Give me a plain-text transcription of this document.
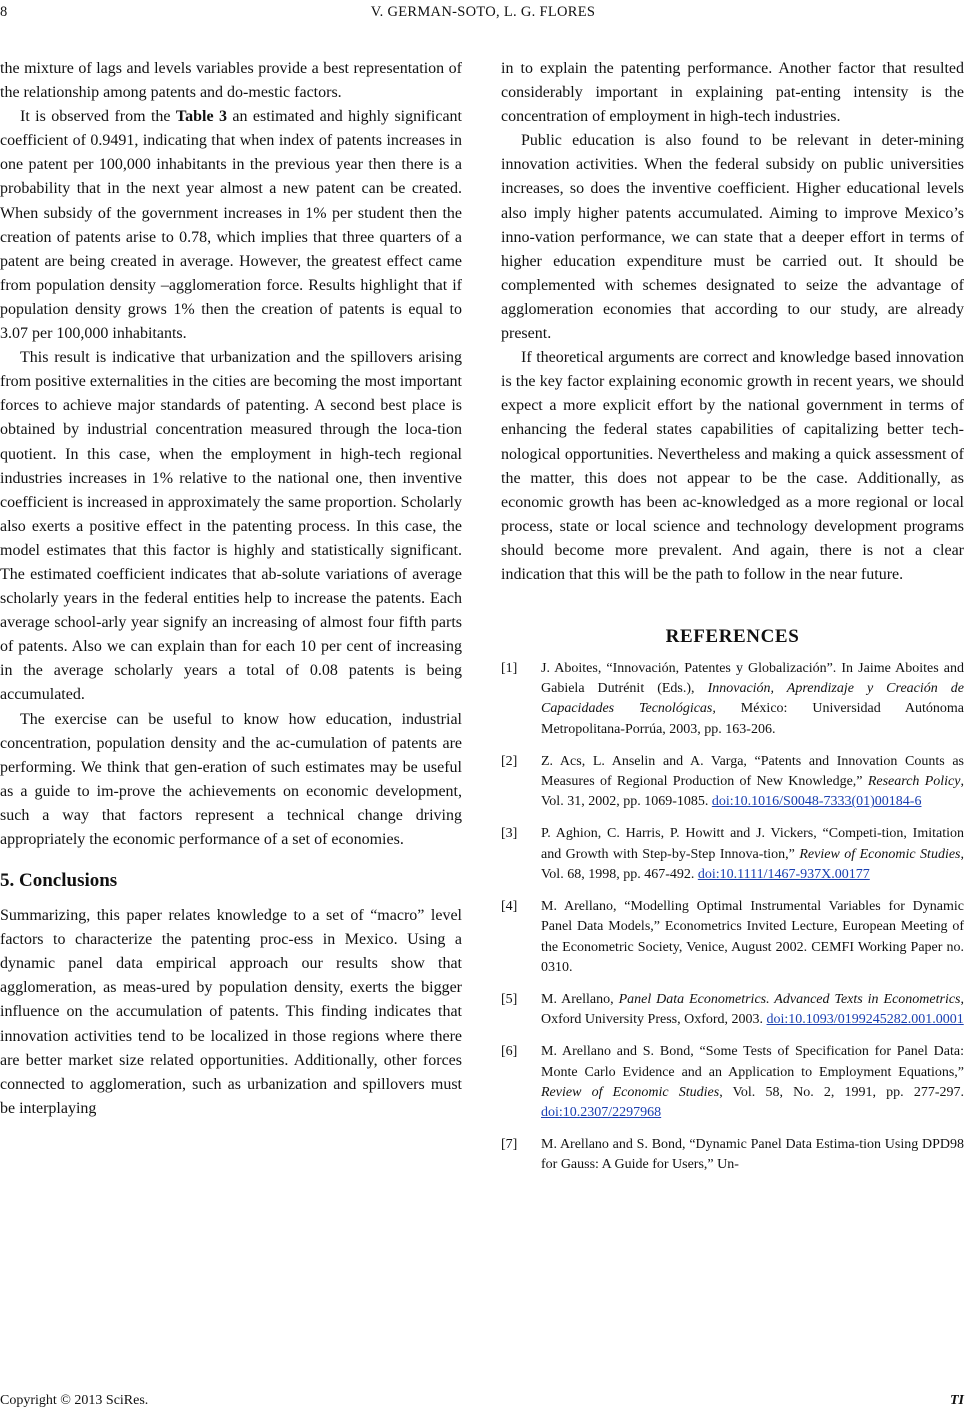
8	V. GERMAN-SOTO, L. G. FLORES

the mixture of lags and levels variables provide a best representation of the relationship among patents and do-mestic factors.

It is observed from the Table 3 an estimated and highly significant coefficient of 0.9491, indicating that when index of patents increases in one patent per 100,000 inhabitants in the previous year then there is a probability that in the next year almost a new patent can be created. When subsidy of the government increases in 1% per student then the creation of patents arise to 0.78, which implies that three quarters of a patent are being created in average. However, the greatest effect came from population density –agglomeration force. Results highlight that if population density grows 1% then the creation of patents is equal to 3.07 per 100,000 inhabitants.

This result is indicative that urbanization and the spillovers arising from positive externalities in the cities are becoming the most important forces to achieve major standards of patenting. A second best place is obtained by industrial concentration measured through the loca-tion quotient. In this case, when the employment in high-tech regional industries increases in 1% relative to the national one, then inventive coefficient is increased in approximately the same proportion. Scholarly also exerts a positive effect in the patenting process. In this case, the model estimates that this factor is highly and statistically significant. The estimated coefficient indicates that ab-solute variations of average scholarly years in the federal entities help to increase the patents. Each average school-arly year signify an increasing of almost four fifth parts of patents. Also we can explain than for each 10 per cent of increasing in the average scholarly years a total of 0.08 patents is being accumulated.

The exercise can be useful to know how education, industrial concentration, population density and the ac-cumulation of patents are performing. We think that gen-eration of such estimates may be useful as a guide to im-prove the achievements on economic development, such a way that factors represent a technical change driving appropriately the economic performance of a set of economies.

5. Conclusions

Summarizing, this paper relates knowledge to a set of “macro” level factors to characterize the patenting proc-ess in Mexico. Using a dynamic panel data empirical approach our results show that agglomeration, as meas-ured by population density, exerts the bigger influence on the accumulation of patents. This finding indicates that innovation activities tend to be localized in those regions where there are better market size related opportunities. Additionally, other forces connected to agglomeration, such as urbanization and spillovers must be interplaying

in to explain the patenting performance. Another factor that resulted considerably important in explaining pat-enting intensity is the concentration of employment in high-tech industries.

Public education is also found to be relevant in deter-mining innovation activities. When the federal subsidy on public universities increases, so does the inventive coefficient. Higher educational levels also imply higher patents accumulated. Aiming to improve Mexico’s inno-vation performance, we can state that a deeper effort in terms of higher education expenditure must be carried out. It should be complemented with schemes designated to seize the advantage of agglomeration economies that according to our study, are already present.

If theoretical arguments are correct and knowledge based innovation is the key factor explaining economic growth in recent years, we should expect a more explicit effort by the national government in terms of enhancing the federal states capabilities of capitalizing better tech-nological opportunities. Nevertheless and making a quick assessment of the matter, this does not appear to be the case. Additionally, as economic growth has been ac-knowledged as a more regional or local process, state or local science and technology development programs should become more prevalent. And again, there is not a clear indication that this will be the path to follow in the near future.

REFERENCES
[1]	J. Aboites, “Innovación, Patentes y Globalización”. In Jaime Aboites and Gabiela Dutrénit (Eds.), Innovación, Aprendizaje y Creación de Capacidades Tecnológicas, México: Universidad Autónoma Metropolitana-Porrúa, 2003, pp. 163-206.
[2]	Z. Acs, L. Anselin and A. Varga, “Patents and Innovation Counts as Measures of Regional Production of New Knowledge,” Research Policy, Vol. 31, 2002, pp. 1069-1085. doi:10.1016/S0048-7333(01)00184-6
[3]	P. Aghion, C. Harris, P. Howitt and J. Vickers, “Competi-tion, Imitation and Growth with Step-by-Step Innova-tion,” Review of Economic Studies, Vol. 68, 1998, pp. 467-492. doi:10.1111/1467-937X.00177
[4]	M. Arellano, “Modelling Optimal Instrumental Variables for Dynamic Panel Data Models,” Econometrics Invited Lecture, European Meeting of the Econometric Society, Venice, August 2002. CEMFI Working Paper no. 0310.
[5]	M. Arellano, Panel Data Econometrics. Advanced Texts in Econometrics, Oxford University Press, Oxford, 2003. doi:10.1093/0199245282.001.0001
[6]	M. Arellano and S. Bond, “Some Tests of Specification for Panel Data: Monte Carlo Evidence and an Application to Employment Equations,” Review of Economic Studies, Vol. 58, No. 2, 1991, pp. 277-297. doi:10.2307/2297968
[7]	M. Arellano and S. Bond, “Dynamic Panel Data Estima-tion Using DPD98 for Gauss: A Guide for Users,” Un-
Copyright © 2013 SciRes.	TI
